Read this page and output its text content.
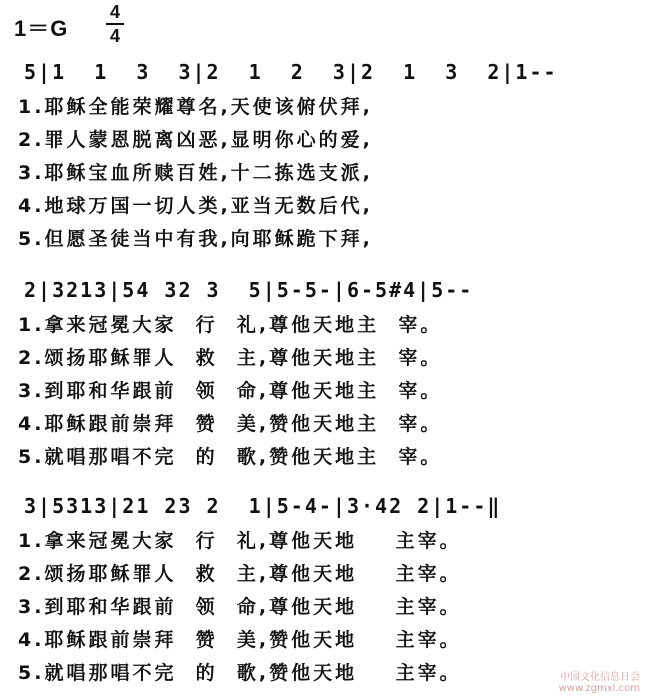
1＝G
4
4
5|1  1  3  3|2  1  2  3|2  1  3  2|1--
1.耶稣全能荣耀尊名,天使该俯伏拜,
2.罪人蒙恩脱离凶恶,显明你心的爱,
3.耶稣宝血所赎百姓,十二拣选支派,
4.地球万国一切人类,亚当无数后代,
5.但愿圣徒当中有我,向耶稣跪下拜,
2|3213|54 32 3  5|5-5-|6-5#4|5--
1.拿来冠冕大家  行  礼,尊他天地主  宰。
2.颂扬耶稣罪人  救  主,尊他天地主  宰。
3.到耶和华跟前  领  命,尊他天地主  宰。
4.耶稣跟前崇拜  赞  美,赞他天地主  宰。
5.就唱那唱不完  的  歌,赞他天地主  宰。
3|5313|21 23 2  1|5-4-|3·42 2|1--‖
1.拿来冠冕大家  行  礼,尊他天地    主宰。
2.颂扬耶稣罪人  救  主,尊他天地    主宰。
3.到耶和华跟前  领  命,尊他天地    主宰。
4.耶稣跟前崇拜  赞  美,赞他天地    主宰。
5.就唱那唱不完  的  歌,赞他天地    主宰。	中国文化信息日会
www.zgmxl.com
